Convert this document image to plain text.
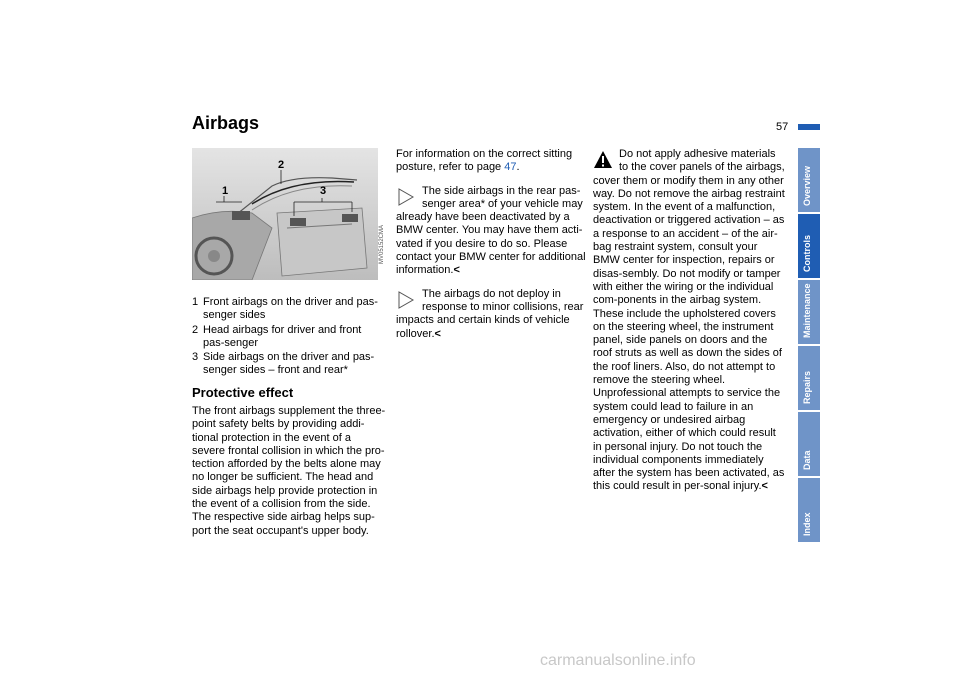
Airbags	57
1
2
3
MV05152CMA
1 Front airbags on the driver and pas-senger sides
2 Head airbags for driver and front pas-senger
3 Side airbags on the driver and pas-senger sides – front and rear*
Protective effect

The front airbags supplement the three-point safety belts by providing addi-tional protection in the event of a severe frontal collision in which the pro-tection afforded by the belts alone may no longer be sufficient. The head and side airbags help provide protection in the event of a collision from the side. The respective side airbag helps sup-port the seat occupant's upper body.

For information on the correct sitting posture, refer to page 47.

The side airbags in the rear pas-senger area* of your vehicle may already have been deactivated by a BMW center. You may have them acti-vated if you desire to do so. Please contact your BMW center for additional information.<
The airbags do not deploy in response to minor collisions, rear impacts and certain kinds of vehicle rollover.<
Do not apply adhesive materials to the cover panels of the airbags, cover them or modify them in any other way. Do not remove the airbag restraint system. In the event of a malfunction, deactivation or triggered activation – as a response to an accident – of the air-bag restraint system, consult your BMW center for inspection, repairs or disas-sembly. Do not modify or tamper with either the wiring or the individual com-ponents in the airbag system. These include the upholstered covers on the steering wheel, the instrument panel, side panels on doors and the roof struts as well as down the sides of the roof liners. Also, do not attempt to remove the steering wheel. Unprofessional attempts to service the system could lead to failure in an emergency or undesired airbag activation, either of which could result in personal injury. Do not touch the individual components immediately after the system has been activated, as this could result in per-sonal injury.<
Overview
Controls
Maintenance
Repairs
Data
Index
carmanualsonline.info
